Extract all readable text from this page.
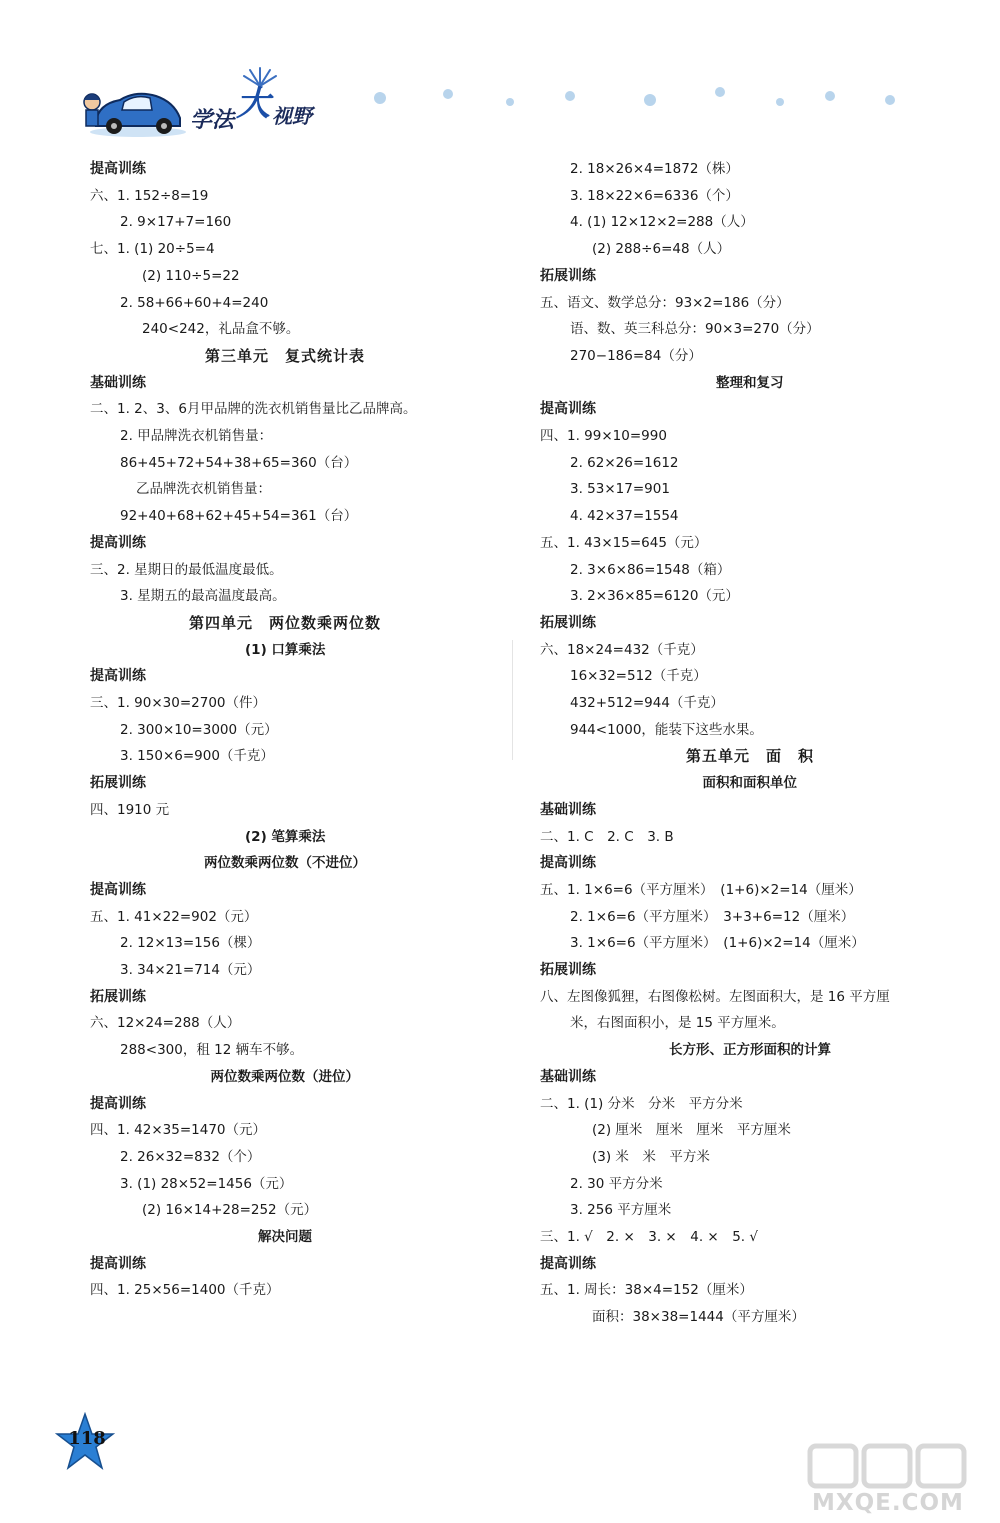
学法大 视野
提高训练
六、1. 152÷8=19
2. 9×17+7=160
七、1. (1) 20÷5=4
(2) 110÷5=22
2. 58+66+60+4=240
240<242，礼品盒不够。
第三单元　复式统计表
基础训练
二、1. 2、3、6月甲品牌的洗衣机销售量比乙品牌高。
2. 甲品牌洗衣机销售量：
86+45+72+54+38+65=360（台）
乙品牌洗衣机销售量：
92+40+68+62+45+54=361（台）
提高训练
三、2. 星期日的最低温度最低。
3. 星期五的最高温度最高。
第四单元　两位数乘两位数
(1) 口算乘法
提高训练
三、1. 90×30=2700（件）
2. 300×10=3000（元）
3. 150×6=900（千克）
拓展训练
四、1910 元
(2) 笔算乘法
两位数乘两位数（不进位）
提高训练
五、1. 41×22=902（元）
2. 12×13=156（棵）
3. 34×21=714（元）
拓展训练
六、12×24=288（人）
288<300，租 12 辆车不够。
两位数乘两位数（进位）
提高训练
四、1. 42×35=1470（元）
2. 26×32=832（个）
3. (1) 28×52=1456（元）
(2) 16×14+28=252（元）
解决问题
提高训练
四、1. 25×56=1400（千克）
2. 18×26×4=1872（株）
3. 18×22×6=6336（个）
4. (1) 12×12×2=288（人）
(2) 288÷6=48（人）
拓展训练
五、语文、数学总分：93×2=186（分）
语、数、英三科总分：90×3=270（分）
270−186=84（分）
整理和复习
提高训练
四、1. 99×10=990
2. 62×26=1612
3. 53×17=901
4. 42×37=1554
五、1. 43×15=645（元）
2. 3×6×86=1548（箱）
3. 2×36×85=6120（元）
拓展训练
六、18×24=432（千克）
16×32=512（千克）
432+512=944（千克）
944<1000，能装下这些水果。
第五单元　面　积
面积和面积单位
基础训练
二、1. C　2. C　3. B
提高训练
五、1. 1×6=6（平方厘米）　(1+6)×2=14（厘米）
2. 1×6=6（平方厘米）　3+3+6=12（厘米）
3. 1×6=6（平方厘米）　(1+6)×2=14（厘米）
拓展训练
八、左图像狐狸，右图像松树。左图面积大，是 16 平方厘
米，右图面积小，是 15 平方厘米。
长方形、正方形面积的计算
基础训练
二、1. (1) 分米　分米　平方分米
(2) 厘米　厘米　厘米　平方厘米
(3) 米　米　平方米
2. 30 平方分米
3. 256 平方厘米
三、1. √　2. ×　3. ×　4. ×　5. √
提高训练
五、1. 周长：38×4=152（厘米）
面积：38×38=1444（平方厘米）
118
MXQE.COM
